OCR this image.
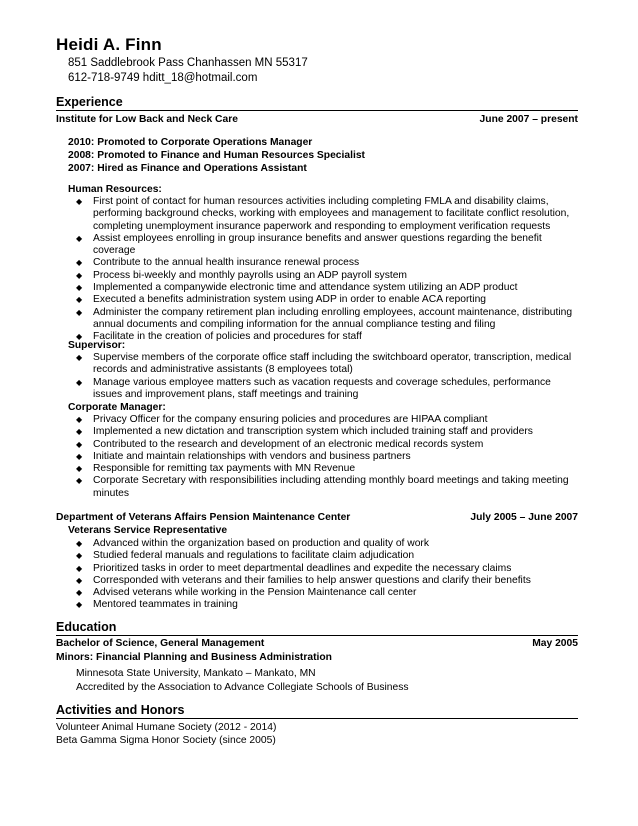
Heidi A. Finn
851 Saddlebrook Pass Chanhassen MN 55317
612-718-9749 hditt_18@hotmail.com
Experience
Institute for Low Back and Neck Care	June 2007 – present
2010: Promoted to Corporate Operations Manager
2008: Promoted to Finance and Human Resources Specialist
2007: Hired as Finance and Operations Assistant
Human Resources:
◆ First point of contact for human resources activities including completing FMLA and disability claims, performing background checks, working with employees and management to facilitate conflict resolution, completing unemployment insurance paperwork and responding to employment verification requests
◆ Assist employees enrolling in group insurance benefits and answer questions regarding the benefit coverage
◆ Contribute to the annual health insurance renewal process
◆ Process bi-weekly and monthly payrolls using an ADP payroll system
◆ Implemented a companywide electronic time and attendance system utilizing an ADP product
◆ Executed a benefits administration system using ADP in order to enable ACA reporting
◆ Administer the company retirement plan including enrolling employees, account maintenance, distributing annual documents and compiling information for the annual compliance testing and filing
◆ Facilitate in the creation of policies and procedures for staff
Supervisor:
◆ Supervise members of the corporate office staff including the switchboard operator, transcription, medical records and administrative assistants (8 employees total)
◆ Manage various employee matters such as vacation requests and coverage schedules, performance issues and improvement plans, staff meetings and training
Corporate Manager:
◆ Privacy Officer for the company ensuring policies and procedures are HIPAA compliant
◆ Implemented a new dictation and transcription system which included training staff and providers
◆ Contributed to the research and development of an electronic medical records system
◆ Initiate and maintain relationships with vendors and business partners
◆ Responsible for remitting tax payments with MN Revenue
◆ Corporate Secretary with responsibilities including attending monthly board meetings and taking meeting minutes
Department of Veterans Affairs Pension Maintenance Center	July 2005 – June 2007
Veterans Service Representative
◆ Advanced within the organization based on production and quality of work
◆ Studied federal manuals and regulations to facilitate claim adjudication
◆ Prioritized tasks in order to meet departmental deadlines and expedite the necessary claims
◆ Corresponded with veterans and their families to help answer questions and clarify their benefits
◆ Advised veterans while working in the Pension Maintenance call center
◆ Mentored teammates in training
Education
Bachelor of Science, General Management	May 2005
Minors: Financial Planning and Business Administration
Minnesota State University, Mankato – Mankato, MN
Accredited by the Association to Advance Collegiate Schools of Business
Activities and Honors
Volunteer Animal Humane Society (2012 - 2014)
Beta Gamma Sigma Honor Society (since 2005)
